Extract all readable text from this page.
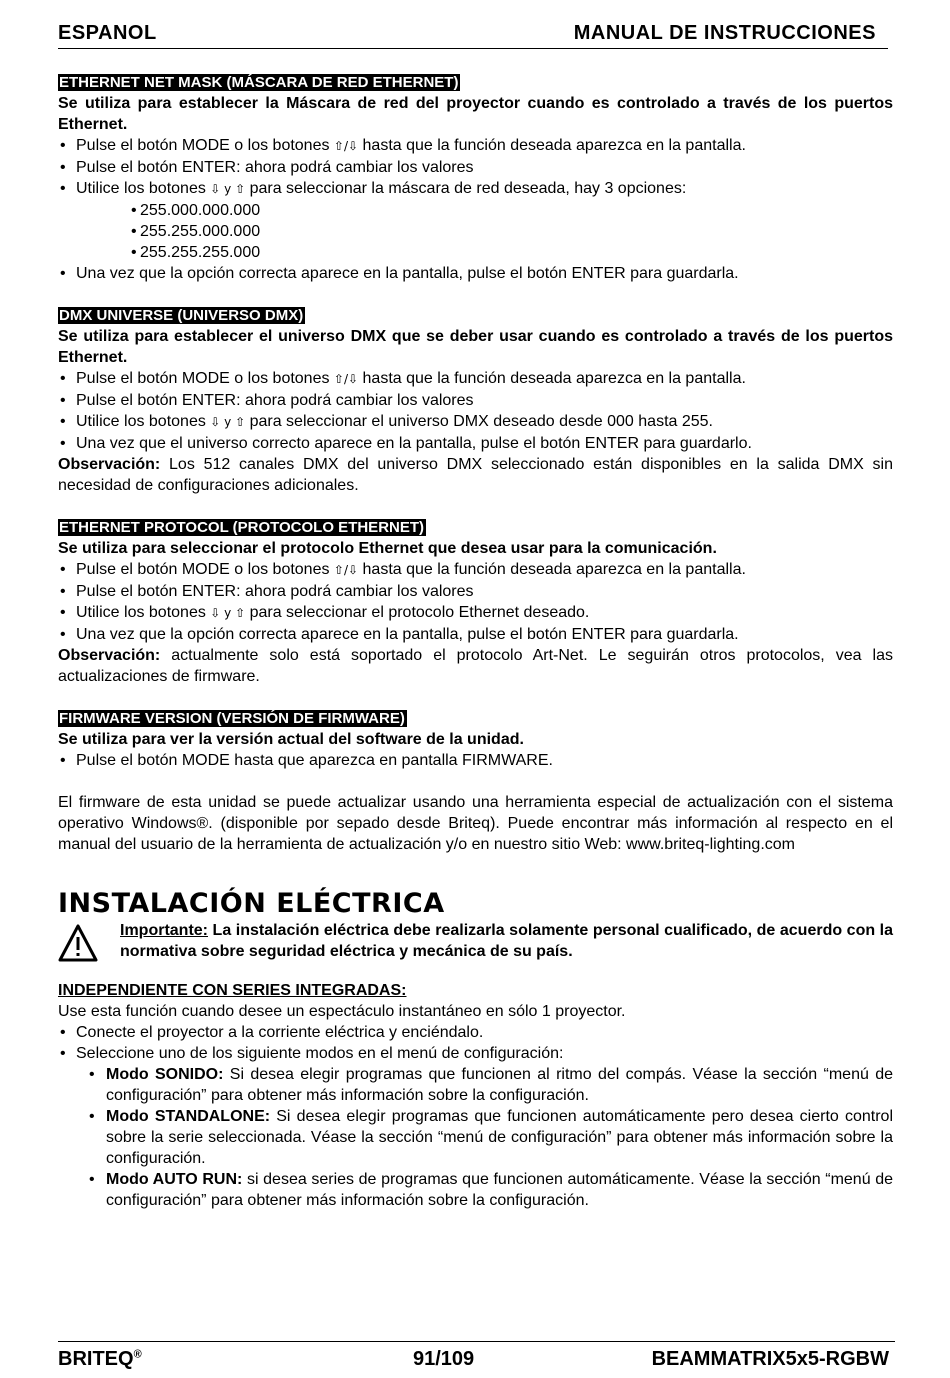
ESPANOL	MANUAL DE INSTRUCCIONES
ETHERNET NET MASK (MÁSCARA DE RED ETHERNET)
Se utiliza para establecer la Máscara de red del proyector cuando es controlado a través de los puertos Ethernet.
• Pulse el botón MODE o los botones ⇧/⇩ hasta que la función deseada aparezca en la pantalla.
• Pulse el botón ENTER: ahora podrá cambiar los valores
• Utilice los botones ⇩ y ⇧ para seleccionar la máscara de red deseada, hay 3 opciones:
• 255.000.000.000
• 255.255.000.000
• 255.255.255.000
• Una vez que la opción correcta aparece en la pantalla, pulse el botón ENTER para guardarla.
DMX UNIVERSE (UNIVERSO DMX)
Se utiliza para establecer el universo DMX que se deber usar cuando es controlado a través de los puertos Ethernet.
• Pulse el botón MODE o los botones ⇧/⇩ hasta que la función deseada aparezca en la pantalla.
• Pulse el botón ENTER: ahora podrá cambiar los valores
• Utilice los botones ⇩ y ⇧ para seleccionar el universo DMX deseado desde 000 hasta 255.
• Una vez que el universo correcto aparece en la pantalla, pulse el botón ENTER para guardarlo.
Observación: Los 512 canales DMX del universo DMX seleccionado están disponibles en la salida DMX sin necesidad de configuraciones adicionales.
ETHERNET PROTOCOL (PROTOCOLO ETHERNET)
Se utiliza para seleccionar el protocolo Ethernet que desea usar para la comunicación.
• Pulse el botón MODE o los botones ⇧/⇩ hasta que la función deseada aparezca en la pantalla.
• Pulse el botón ENTER: ahora podrá cambiar los valores
• Utilice los botones ⇩ y ⇧ para seleccionar el protocolo Ethernet deseado.
• Una vez que la opción correcta aparece en la pantalla, pulse el botón ENTER para guardarla.
Observación: actualmente solo está soportado el protocolo Art-Net. Le seguirán otros protocolos, vea las actualizaciones de firmware.
FIRMWARE VERSION (VERSIÓN DE FIRMWARE)
Se utiliza para ver la versión actual del software de la unidad.
• Pulse el botón MODE hasta que aparezca en pantalla FIRMWARE.
El firmware de esta unidad se puede actualizar usando una herramienta especial de actualización con el sistema operativo Windows®. (disponible por sepado desde Briteq). Puede encontrar más información al respecto en el manual del usuario de la herramienta de actualización y/o en nuestro sitio Web: www.briteq-lighting.com
INSTALACIÓN ELÉCTRICA
Importante: La instalación eléctrica debe realizarla solamente personal cualificado, de acuerdo con la normativa sobre seguridad eléctrica y mecánica de su país.
INDEPENDIENTE CON SERIES INTEGRADAS:
Use esta función cuando desee un espectáculo instantáneo en sólo 1 proyector.
• Conecte el proyector a la corriente eléctrica y enciéndalo.
• Seleccione uno de los siguiente modos en el menú de configuración:
• Modo SONIDO: Si desea elegir programas que funcionen al ritmo del compás. Véase la sección “menú de configuración” para obtener más información sobre la configuración.
• Modo STANDALONE: Si desea elegir programas que funcionen automáticamente pero desea cierto control sobre la serie seleccionada. Véase la sección “menú de configuración” para obtener más información sobre la configuración.
• Modo AUTO RUN: si desea series de programas que funcionen automáticamente. Véase la sección “menú de configuración” para obtener más información sobre la configuración.
BRITEQ®	91/109	BEAMMATRIX5x5-RGBW
